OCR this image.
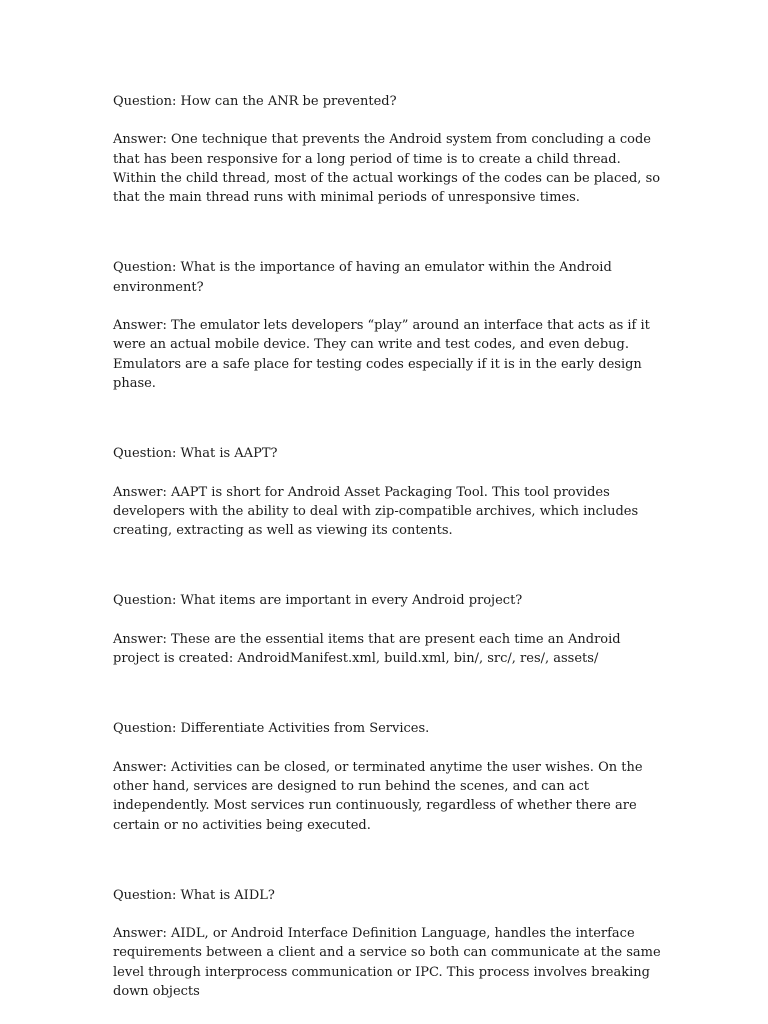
Question: How can the ANR be prevented?

Answer: One technique that prevents the Android system from concluding a code that has been responsive for a long period of time is to create a child thread. Within the child thread, most of the actual workings of the codes can be placed, so that the main thread runs with minimal periods of unresponsive times.

Question: What is the importance of having an emulator within the Android environment?

Answer: The emulator lets developers “play” around an interface that acts as if it were an actual mobile device. They can write and test codes, and even debug. Emulators are a safe place for testing codes especially if it is in the early design phase.

Question: What is AAPT?

Answer: AAPT is short for Android Asset Packaging Tool. This tool provides developers with the ability to deal with zip-compatible archives, which includes creating, extracting as well as viewing its contents.

Question: What items are important in every Android project?

Answer: These are the essential items that are present each time an Android project is created: AndroidManifest.xml, build.xml, bin/, src/, res/, assets/

Question: Differentiate Activities from Services.

Answer: Activities can be closed, or terminated anytime the user wishes. On the other hand, services are designed to run behind the scenes, and can act independently. Most services run continuously, regardless of whether there are certain or no activities being executed.

Question: What is AIDL?

Answer: AIDL, or Android Interface Definition Language, handles the interface requirements between a client and a service so both can communicate at the same level through interprocess communication or IPC. This process involves breaking down objects
